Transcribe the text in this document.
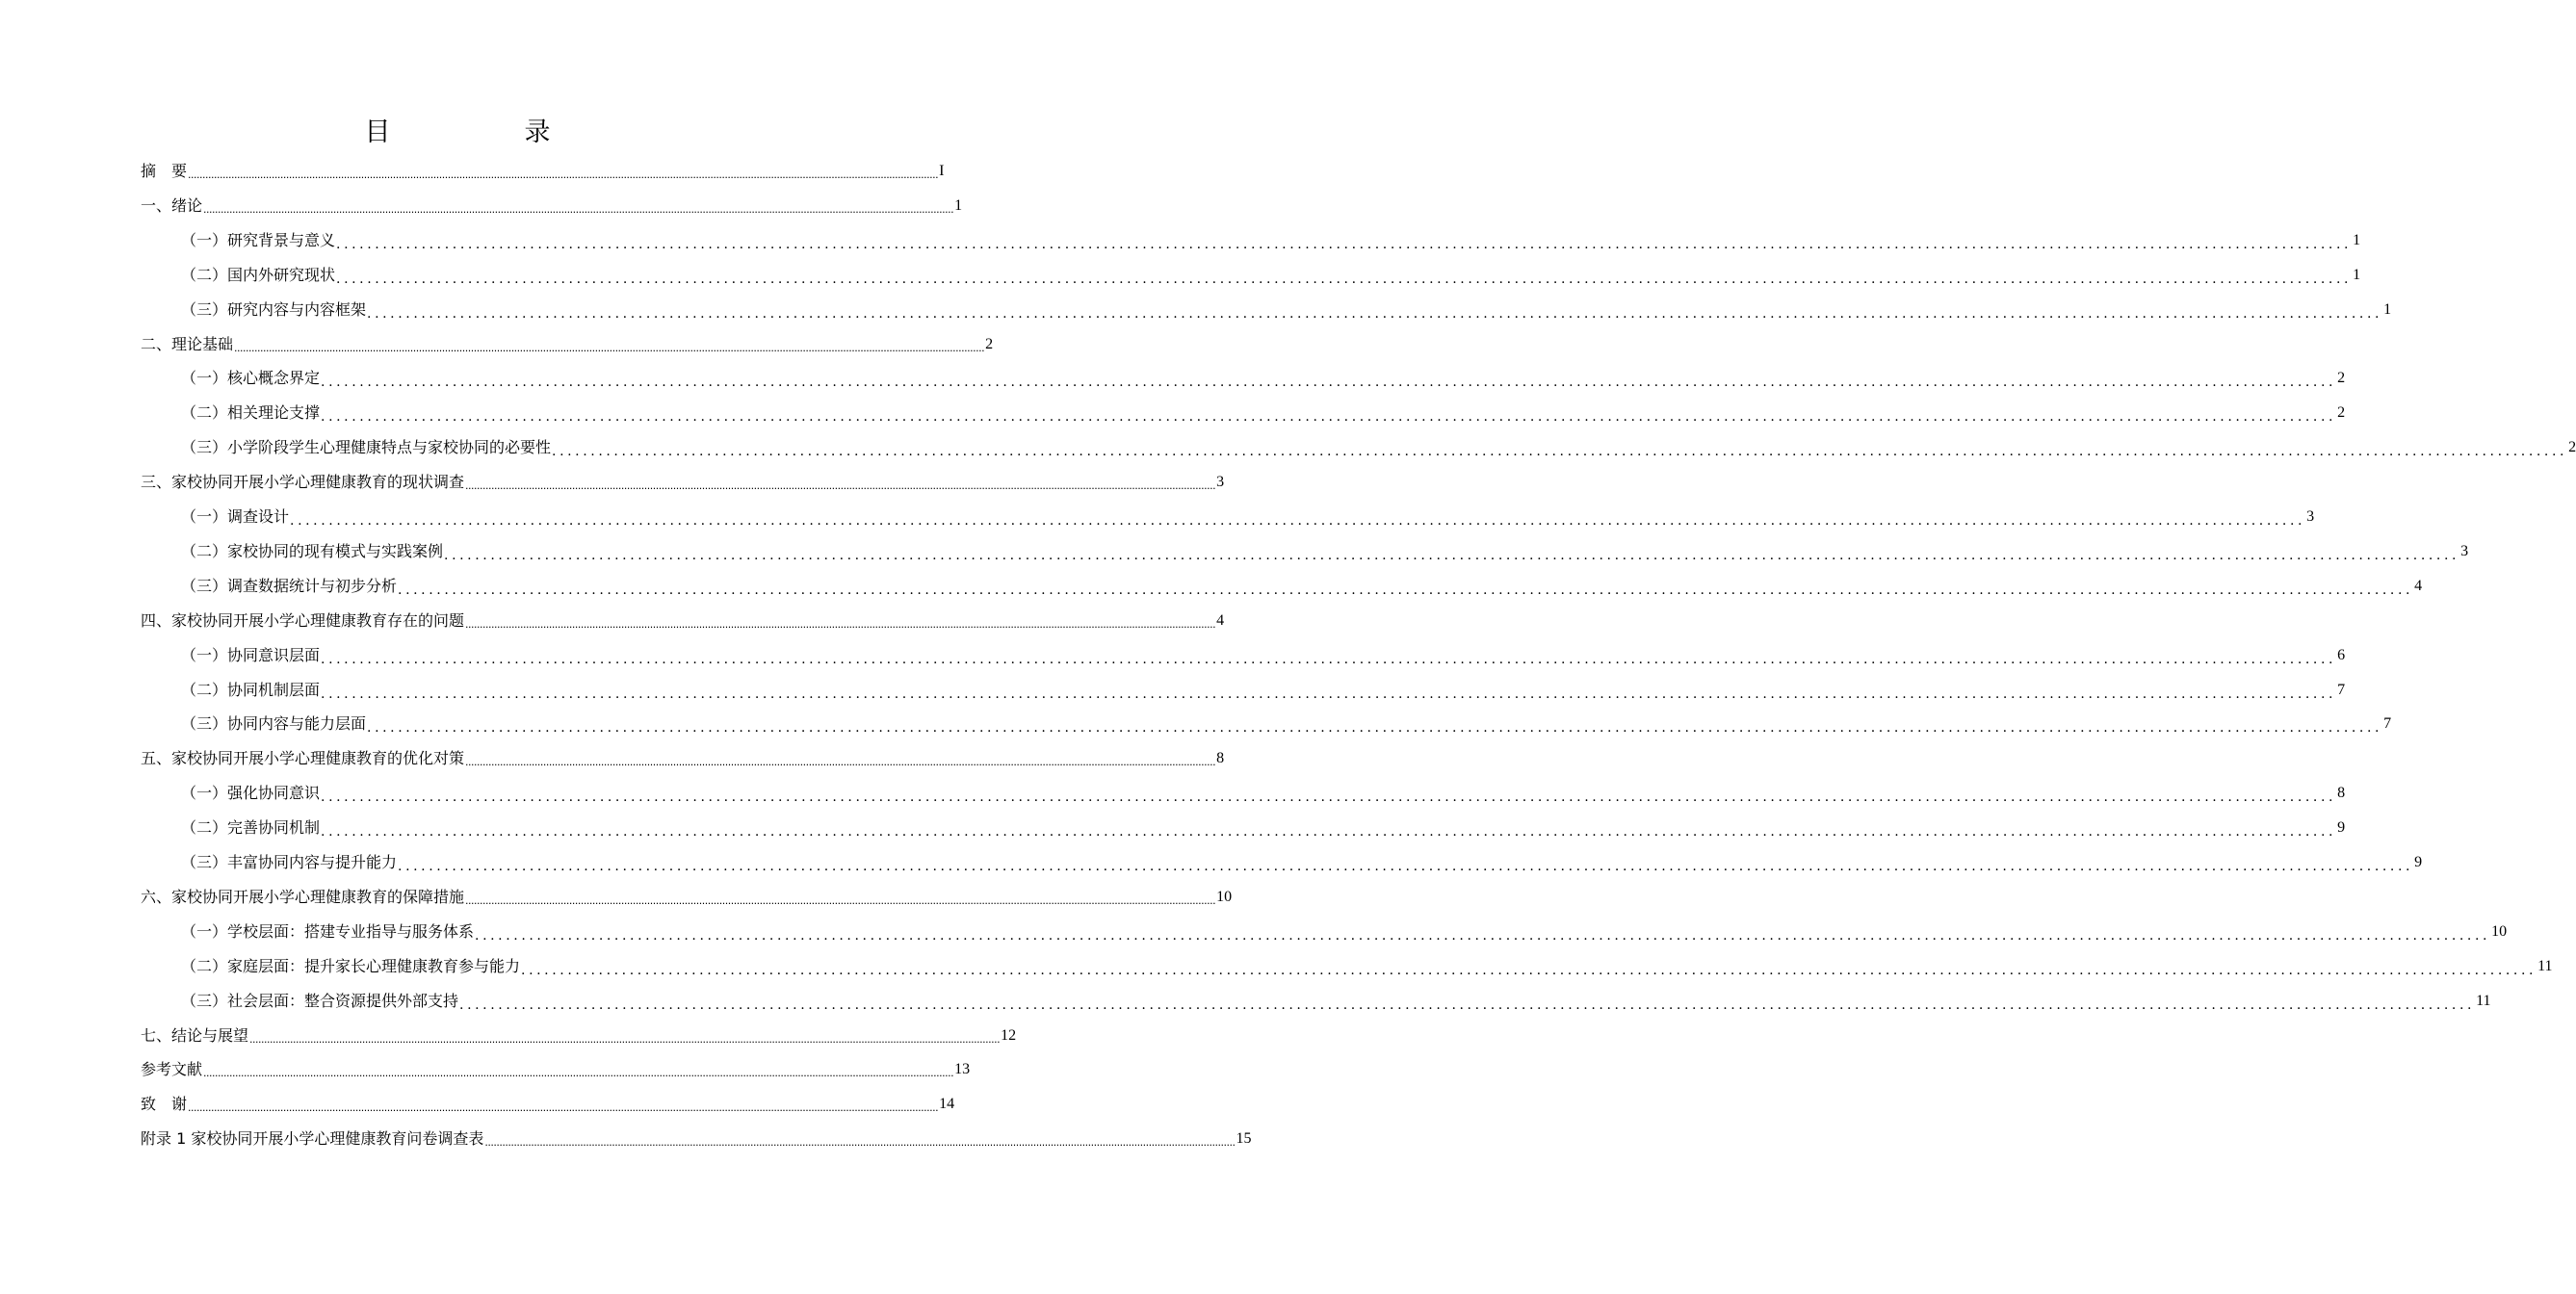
目　录
摘　要 .................................................................................................................................................................................................................................................................... I
一、绪论 .................................................................................................................................................................................................................................................................... 1
（一）研究背景与意义 .................................................................................................................................................................................................................................................................... 1
（二）国内外研究现状 .................................................................................................................................................................................................................................................................... 1
（三）研究内容与内容框架 .................................................................................................................................................................................................................................................................... 1
二、理论基础 .................................................................................................................................................................................................................................................................... 2
（一）核心概念界定 .................................................................................................................................................................................................................................................................... 2
（二）相关理论支撑 .................................................................................................................................................................................................................................................................... 2
（三）小学阶段学生心理健康特点与家校协同的必要性 .................................................................................................................................................................................................................................................................... 2
三、家校协同开展小学心理健康教育的现状调查 .................................................................................................................................................................................................................................................................... 3
（一）调查设计 .................................................................................................................................................................................................................................................................... 3
（二）家校协同的现有模式与实践案例 .................................................................................................................................................................................................................................................................... 3
（三）调查数据统计与初步分析 .................................................................................................................................................................................................................................................................... 4
四、家校协同开展小学心理健康教育存在的问题 .................................................................................................................................................................................................................................................................... 4
（一）协同意识层面 .................................................................................................................................................................................................................................................................... 6
（二）协同机制层面 .................................................................................................................................................................................................................................................................... 7
（三）协同内容与能力层面 .................................................................................................................................................................................................................................................................... 7
五、家校协同开展小学心理健康教育的优化对策 .................................................................................................................................................................................................................................................................... 8
（一）强化协同意识 .................................................................................................................................................................................................................................................................... 8
（二）完善协同机制 .................................................................................................................................................................................................................................................................... 9
（三）丰富协同内容与提升能力 .................................................................................................................................................................................................................................................................... 9
六、家校协同开展小学心理健康教育的保障措施 .................................................................................................................................................................................................................................................................... 10
（一）学校层面：搭建专业指导与服务体系 .................................................................................................................................................................................................................................................................... 10
（二）家庭层面：提升家长心理健康教育参与能力 .................................................................................................................................................................................................................................................................... 11
（三）社会层面：整合资源提供外部支持 .................................................................................................................................................................................................................................................................... 11
七、结论与展望 .................................................................................................................................................................................................................................................................... 12
参考文献 .................................................................................................................................................................................................................................................................... 13
致　谢 .................................................................................................................................................................................................................................................................... 14
附录 1 家校协同开展小学心理健康教育问卷调查表 .................................................................................................................................................................................................................................................................... 15
